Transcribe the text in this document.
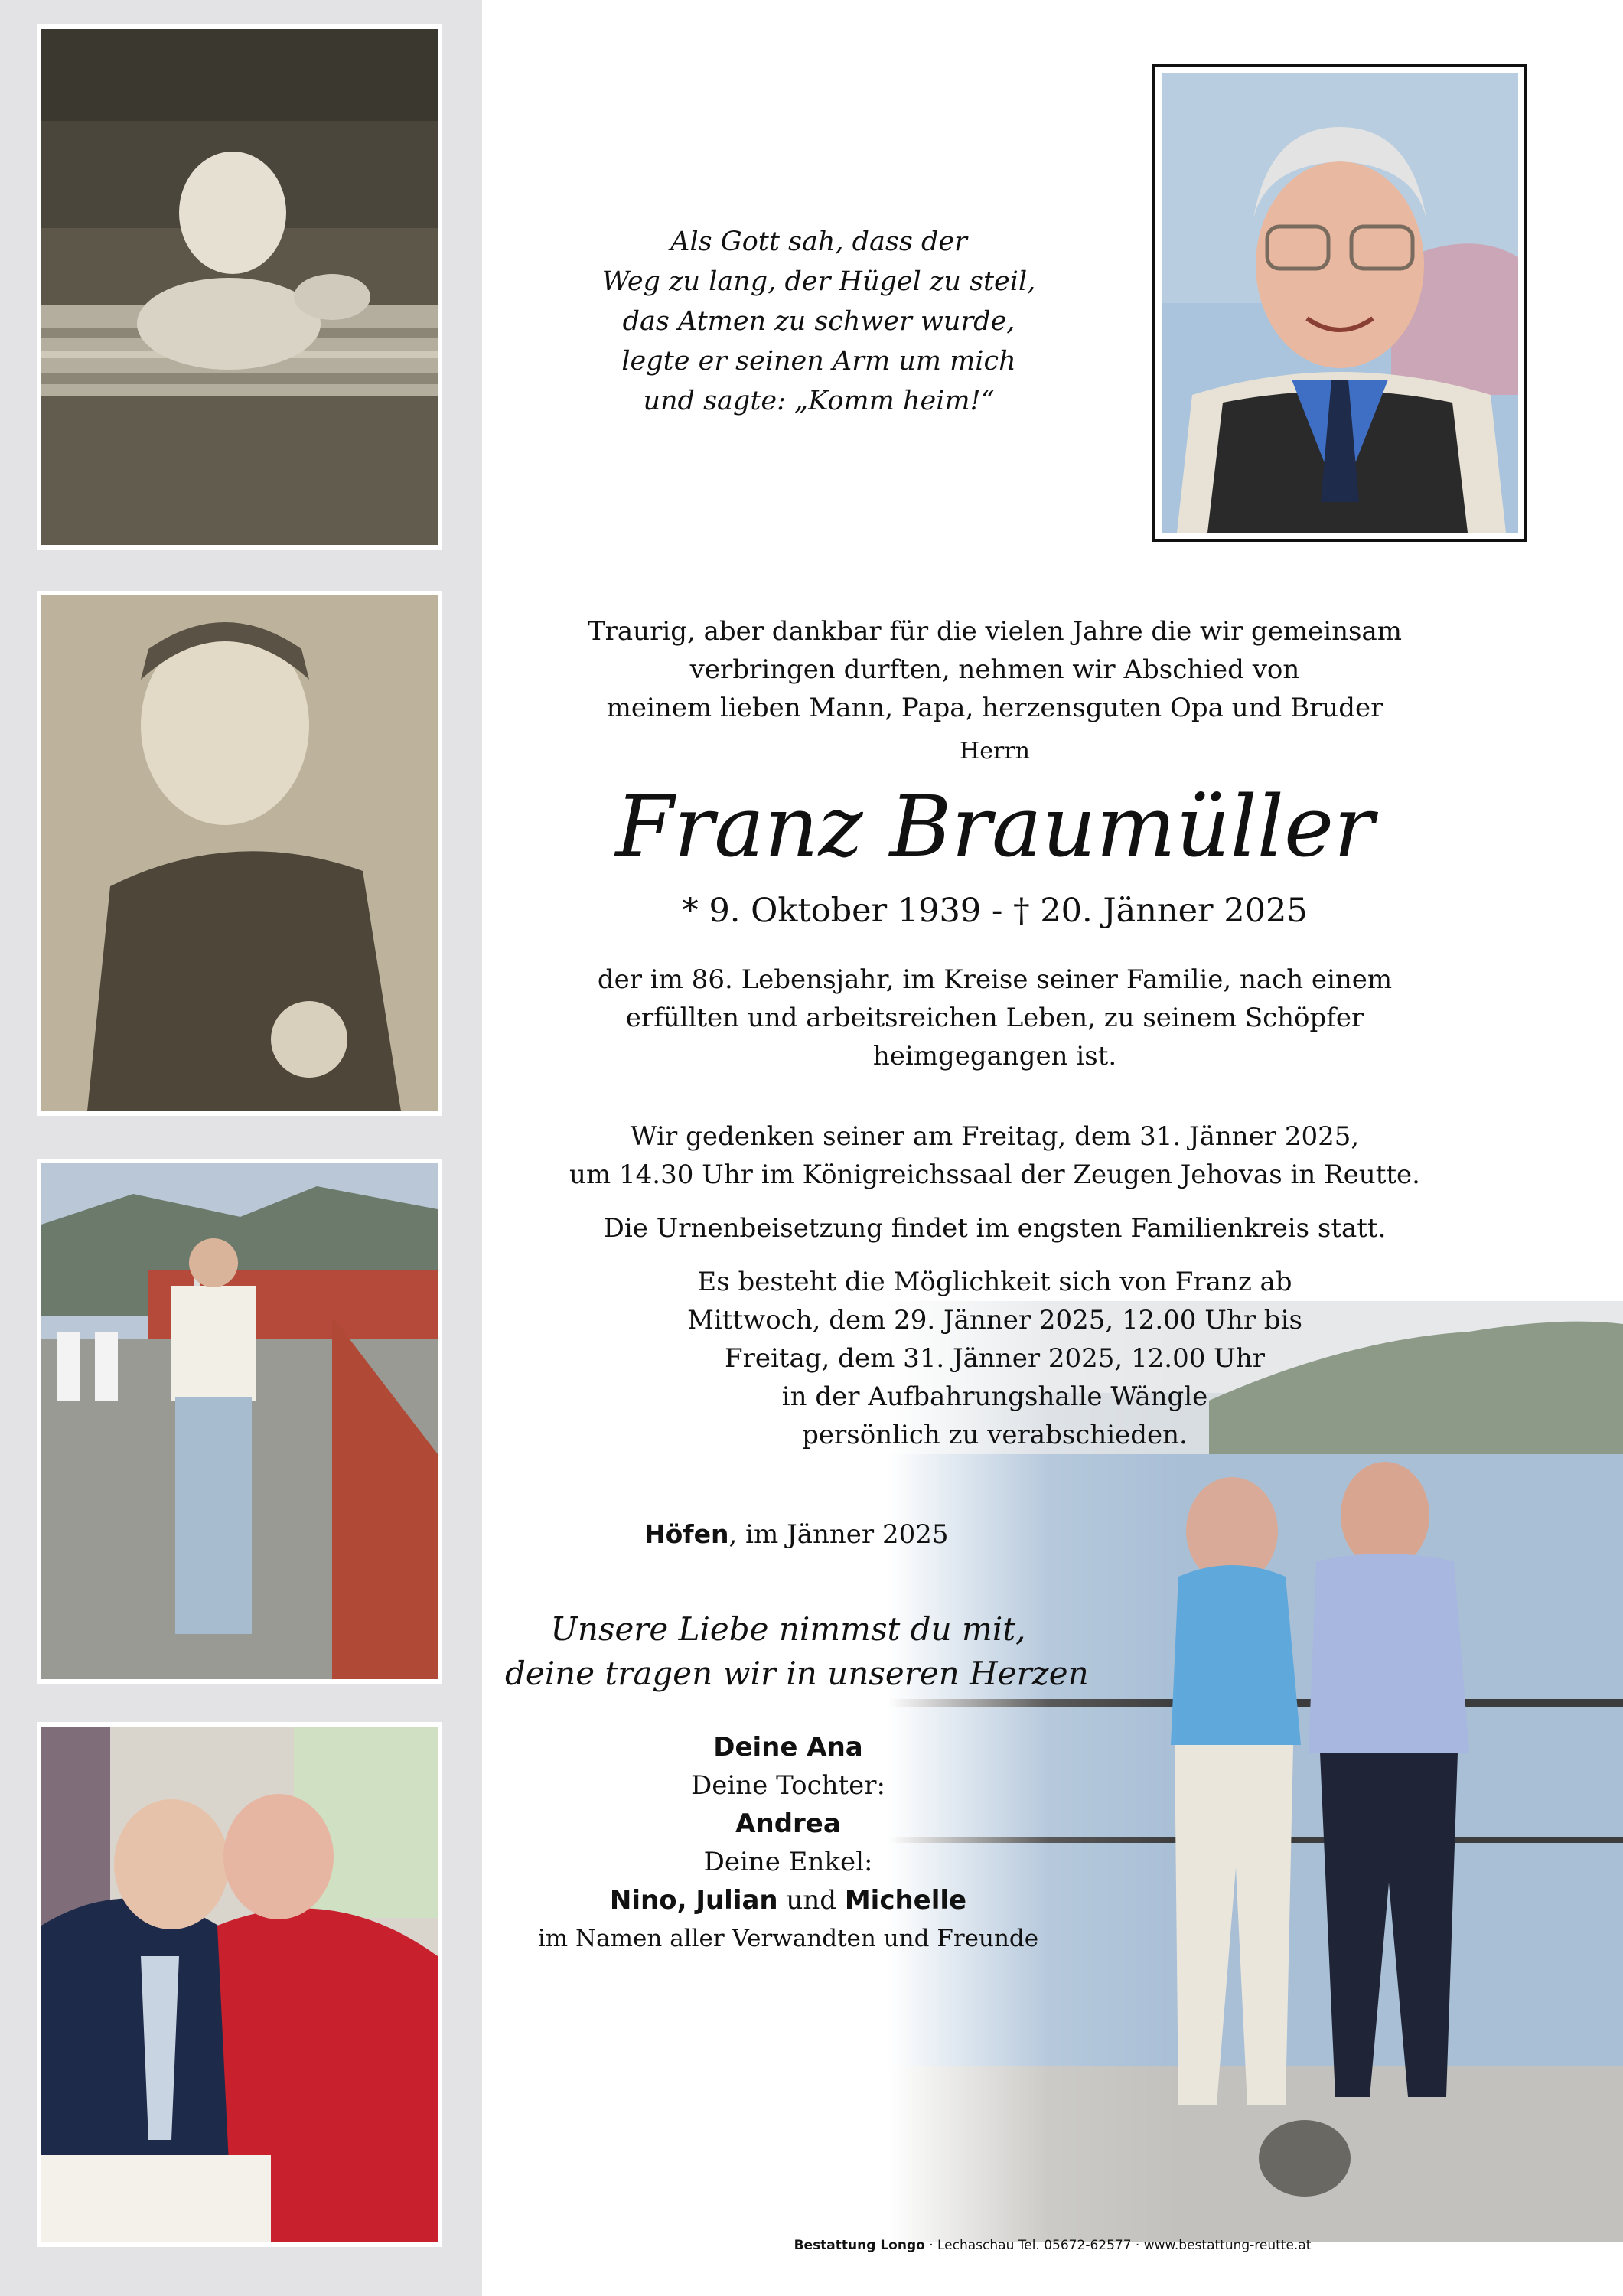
Als Gott sah, dass der
Weg zu lang, der Hügel zu steil,
das Atmen zu schwer wurde,
legte er seinen Arm um mich
und sagte: „Komm heim!“
Traurig, aber dankbar für die vielen Jahre die wir gemeinsam
verbringen durften, nehmen wir Abschied von
meinem lieben Mann, Papa, herzensguten Opa und Bruder
Herrn
Franz Braumüller
* 9. Oktober 1939 - † 20. Jänner 2025
der im 86. Lebensjahr, im Kreise seiner Familie, nach einem
erfüllten und arbeitsreichen Leben, zu seinem Schöpfer
heimgegangen ist.
Wir gedenken seiner am Freitag, dem 31. Jänner 2025,
um 14.30 Uhr im Königreichssaal der Zeugen Jehovas in Reutte.
Die Urnenbeisetzung findet im engsten Familienkreis statt.
Es besteht die Möglichkeit sich von Franz ab
Mittwoch, dem 29. Jänner 2025, 12.00 Uhr bis
Freitag, dem 31. Jänner 2025, 12.00 Uhr
in der Aufbahrungshalle Wängle
persönlich zu verabschieden.
Höfen, im Jänner 2025
Unsere Liebe nimmst du mit,
deine tragen wir in unseren Herzen
Deine Ana
Deine Tochter:
Andrea
Deine Enkel:
Nino, Julian und Michelle
im Namen aller Verwandten und Freunde
Bestattung Longo · Lechaschau Tel. 05672-62577 · www.bestattung-reutte.at
